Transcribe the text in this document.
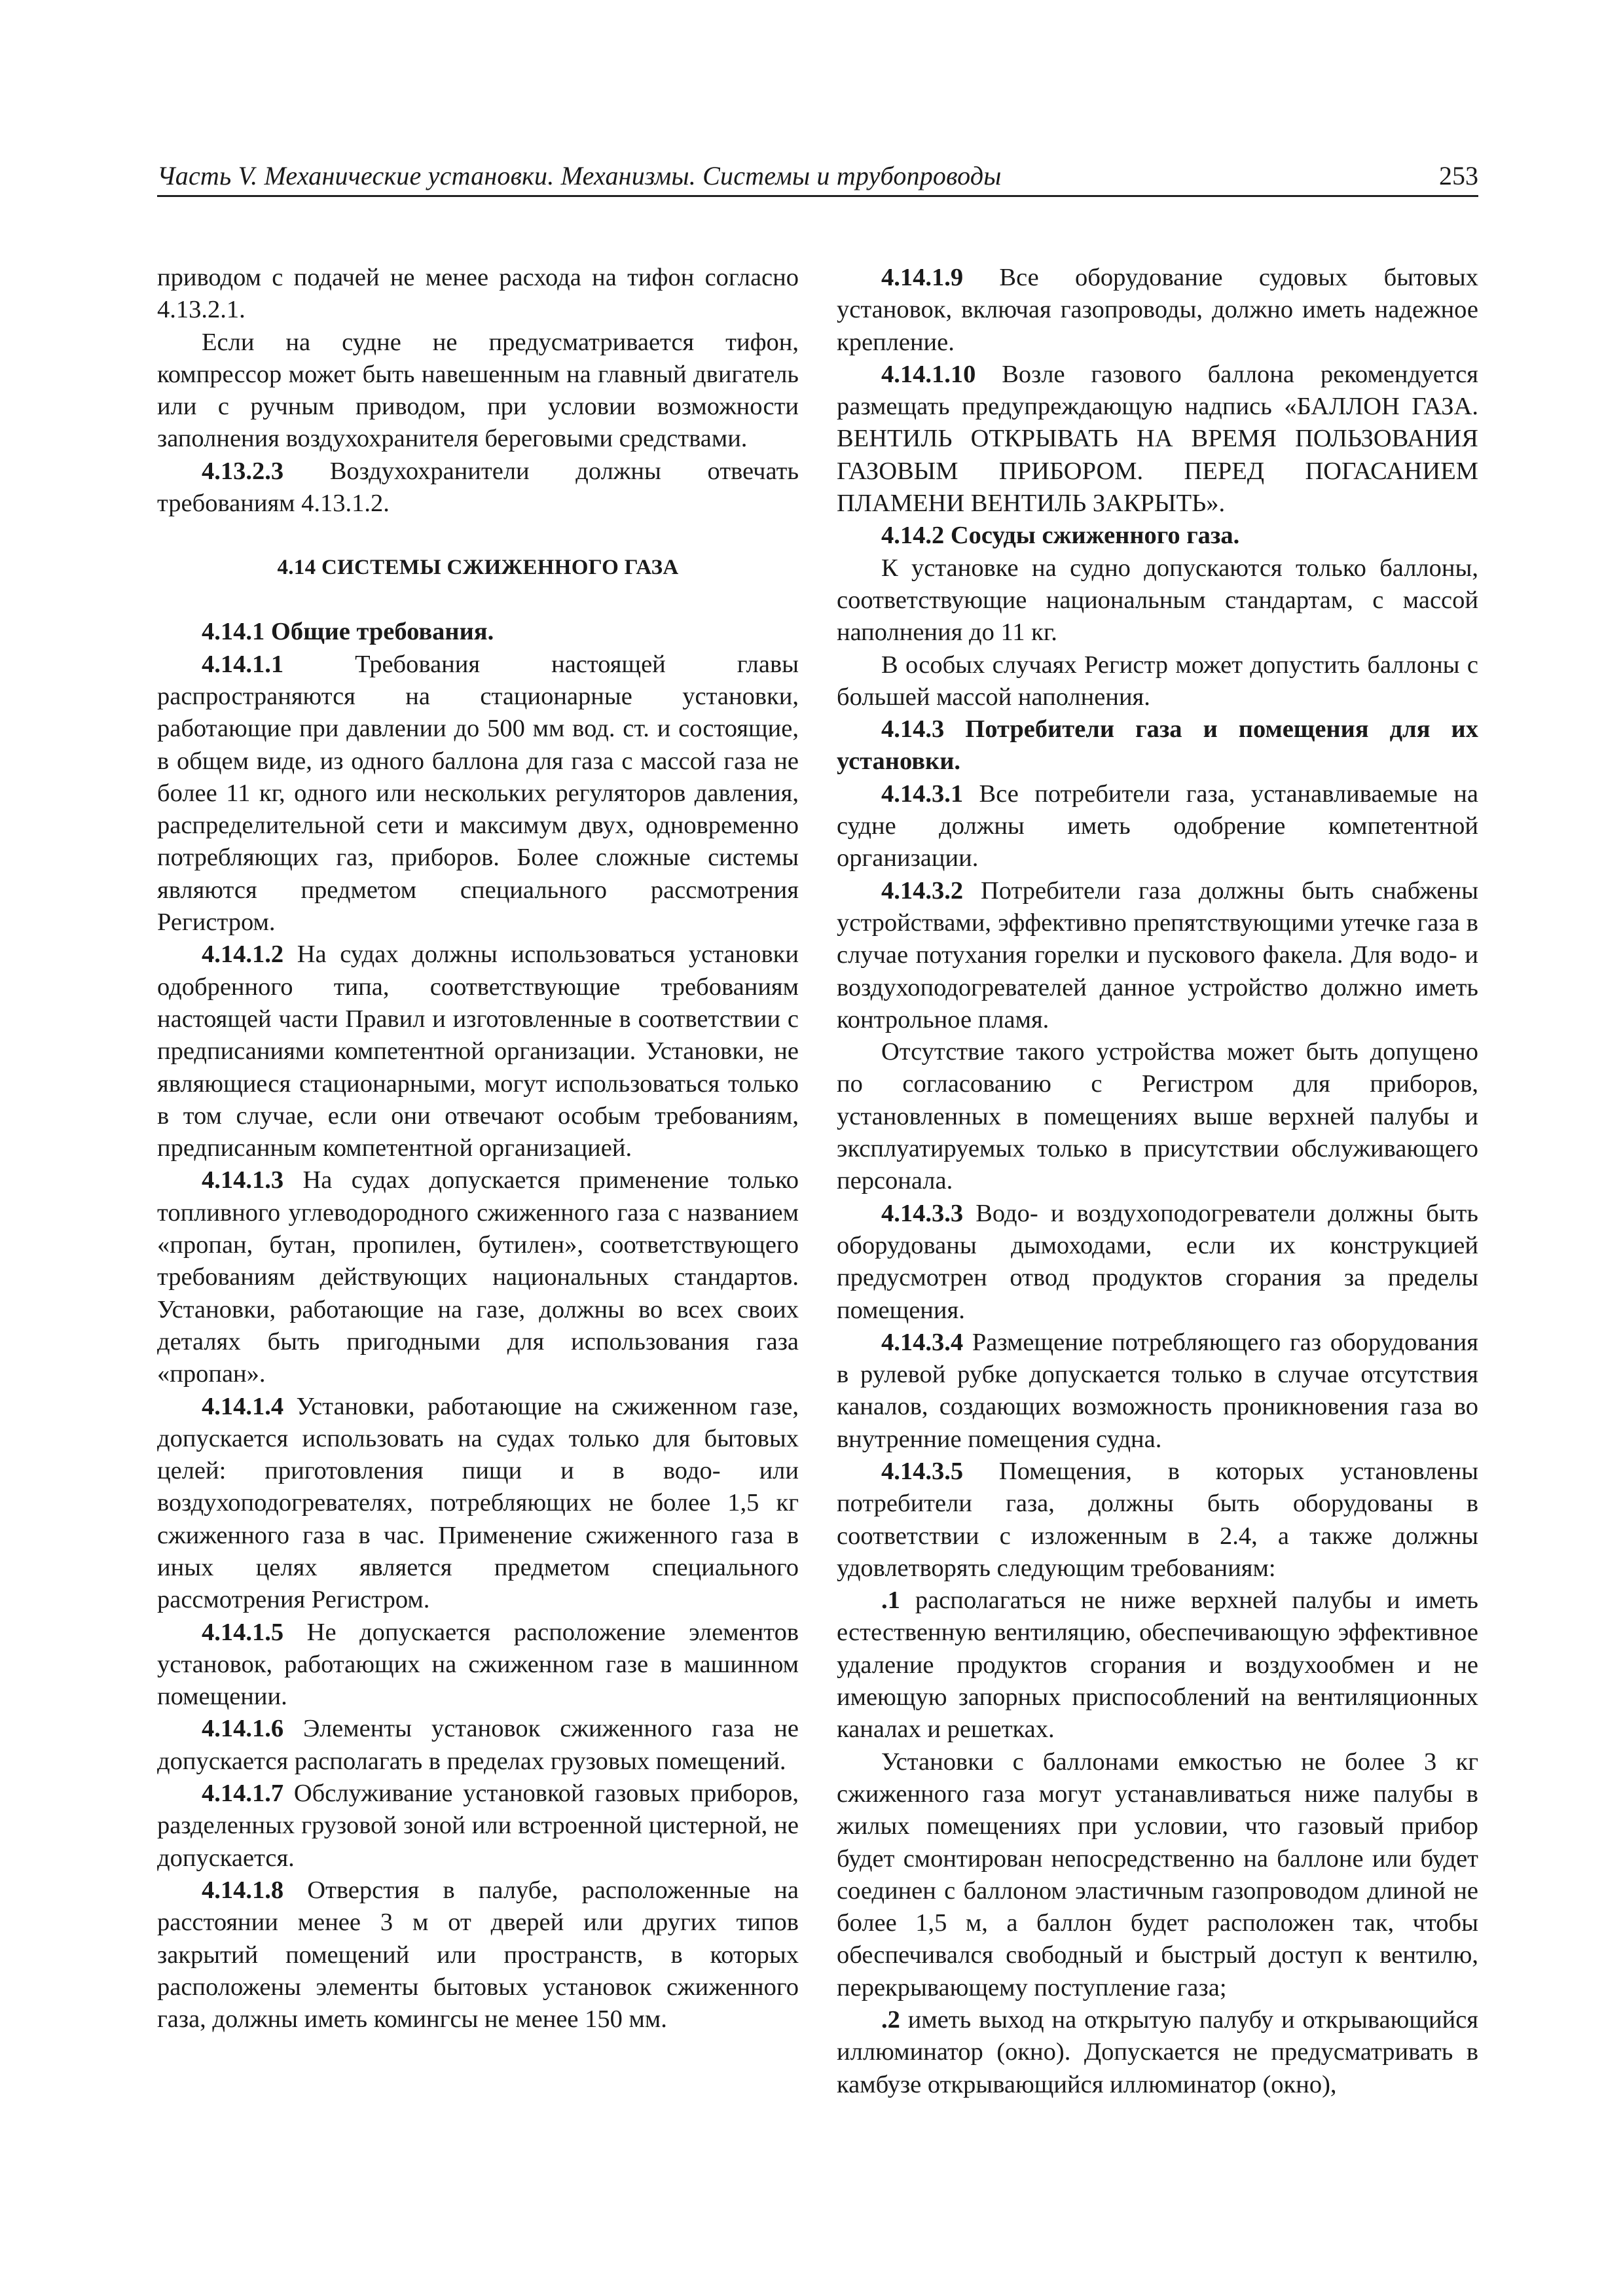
Часть V. Механические установки. Механизмы. Системы и трубопроводы	253

приводом с подачей не менее расхода на тифон согласно 4.13.2.1.

Если на судне не предусматривается тифон, компрессор может быть навешенным на главный двигатель или с ручным приводом, при условии возможности заполнения воздухохранителя береговыми средствами.

4.13.2.3 Воздухохранители должны отвечать требованиям 4.13.1.2.

4.14 СИСТЕМЫ СЖИЖЕННОГО ГАЗА
4.14.1 Общие требования.

4.14.1.1 Требования настоящей главы распространяются на стационарные установки, работающие при давлении до 500 мм вод. ст. и состоящие, в общем виде, из одного баллона для газа с массой газа не более 11 кг, одного или нескольких регуляторов давления, распределительной сети и максимум двух, одновременно потребляющих газ, приборов. Более сложные системы являются предметом специального рассмотрения Регистром.

4.14.1.2 На судах должны использоваться установки одобренного типа, соответствующие требованиям настоящей части Правил и изготовленные в соответствии с предписаниями компетентной организации. Установки, не являющиеся стационарными, могут использоваться только в том случае, если они отвечают особым требованиям, предписанным компетентной организацией.

4.14.1.3 На судах допускается применение только топливного углеводородного сжиженного газа с названием «пропан, бутан, пропилен, бутилен», соответствующего требованиям действующих национальных стандартов. Установки, работающие на газе, должны во всех своих деталях быть пригодными для использования газа «пропан».

4.14.1.4 Установки, работающие на сжиженном газе, допускается использовать на судах только для бытовых целей: приготовления пищи и в водо- или воздухоподогревателях, потребляющих не более 1,5 кг сжиженного газа в час. Применение сжиженного газа в иных целях является предметом специального рассмотрения Регистром.

4.14.1.5 Не допускается расположение элементов установок, работающих на сжиженном газе в машинном помещении.

4.14.1.6 Элементы установок сжиженного газа не допускается располагать в пределах грузовых помещений.

4.14.1.7 Обслуживание установкой газовых приборов, разделенных грузовой зоной или встроенной цистерной, не допускается.

4.14.1.8 Отверстия в палубе, расположенные на расстоянии менее 3 м от дверей или других типов закрытий помещений или пространств, в которых расположены элементы бытовых установок сжиженного газа, должны иметь комингсы не менее 150 мм.

4.14.1.9 Все оборудование судовых бытовых установок, включая газопроводы, должно иметь надежное крепление.

4.14.1.10 Возле газового баллона рекомендуется размещать предупреждающую надпись «БАЛЛОН ГАЗА. ВЕНТИЛЬ ОТКРЫВАТЬ НА ВРЕМЯ ПОЛЬЗОВАНИЯ ГАЗОВЫМ ПРИБОРОМ. ПЕРЕД ПОГАСАНИЕМ ПЛАМЕНИ ВЕНТИЛЬ ЗАКРЫТЬ».

4.14.2 Сосуды сжиженного газа.

К установке на судно допускаются только баллоны, соответствующие национальным стандартам, с массой наполнения до 11 кг.

В особых случаях Регистр может допустить баллоны с большей массой наполнения.

4.14.3 Потребители газа и помещения для их установки.

4.14.3.1 Все потребители газа, устанавливаемые на судне должны иметь одобрение компетентной организации.

4.14.3.2 Потребители газа должны быть снабжены устройствами, эффективно препятствующими утечке газа в случае потухания горелки и пускового факела. Для водо- и воздухоподогревателей данное устройство должно иметь контрольное пламя.

Отсутствие такого устройства может быть допущено по согласованию с Регистром для приборов, установленных в помещениях выше верхней палубы и эксплуатируемых только в присутствии обслуживающего персонала.

4.14.3.3 Водо- и воздухоподогреватели должны быть оборудованы дымоходами, если их конструкцией предусмотрен отвод продуктов сгорания за пределы помещения.

4.14.3.4 Размещение потребляющего газ оборудования в рулевой рубке допускается только в случае отсутствия каналов, создающих возможность проникновения газа во внутренние помещения судна.

4.14.3.5 Помещения, в которых установлены потребители газа, должны быть оборудованы в соответствии с изложенным в 2.4, а также должны удовлетворять следующим требованиям:

.1 располагаться не ниже верхней палубы и иметь естественную вентиляцию, обеспечивающую эффективное удаление продуктов сгорания и воздухообмен и не имеющую запорных приспособлений на вентиляционных каналах и решетках.

Установки с баллонами емкостью не более 3 кг сжиженного газа могут устанавливаться ниже палубы в жилых помещениях при условии, что газовый прибор будет смонтирован непосредственно на баллоне или будет соединен с баллоном эластичным газопроводом длиной не более 1,5 м, а баллон будет расположен так, чтобы обеспечивался свободный и быстрый доступ к вентилю, перекрывающему поступление газа;

.2 иметь выход на открытую палубу и открывающийся иллюминатор (окно). Допускается не предусматривать в камбузе открывающийся иллюминатор (окно),
